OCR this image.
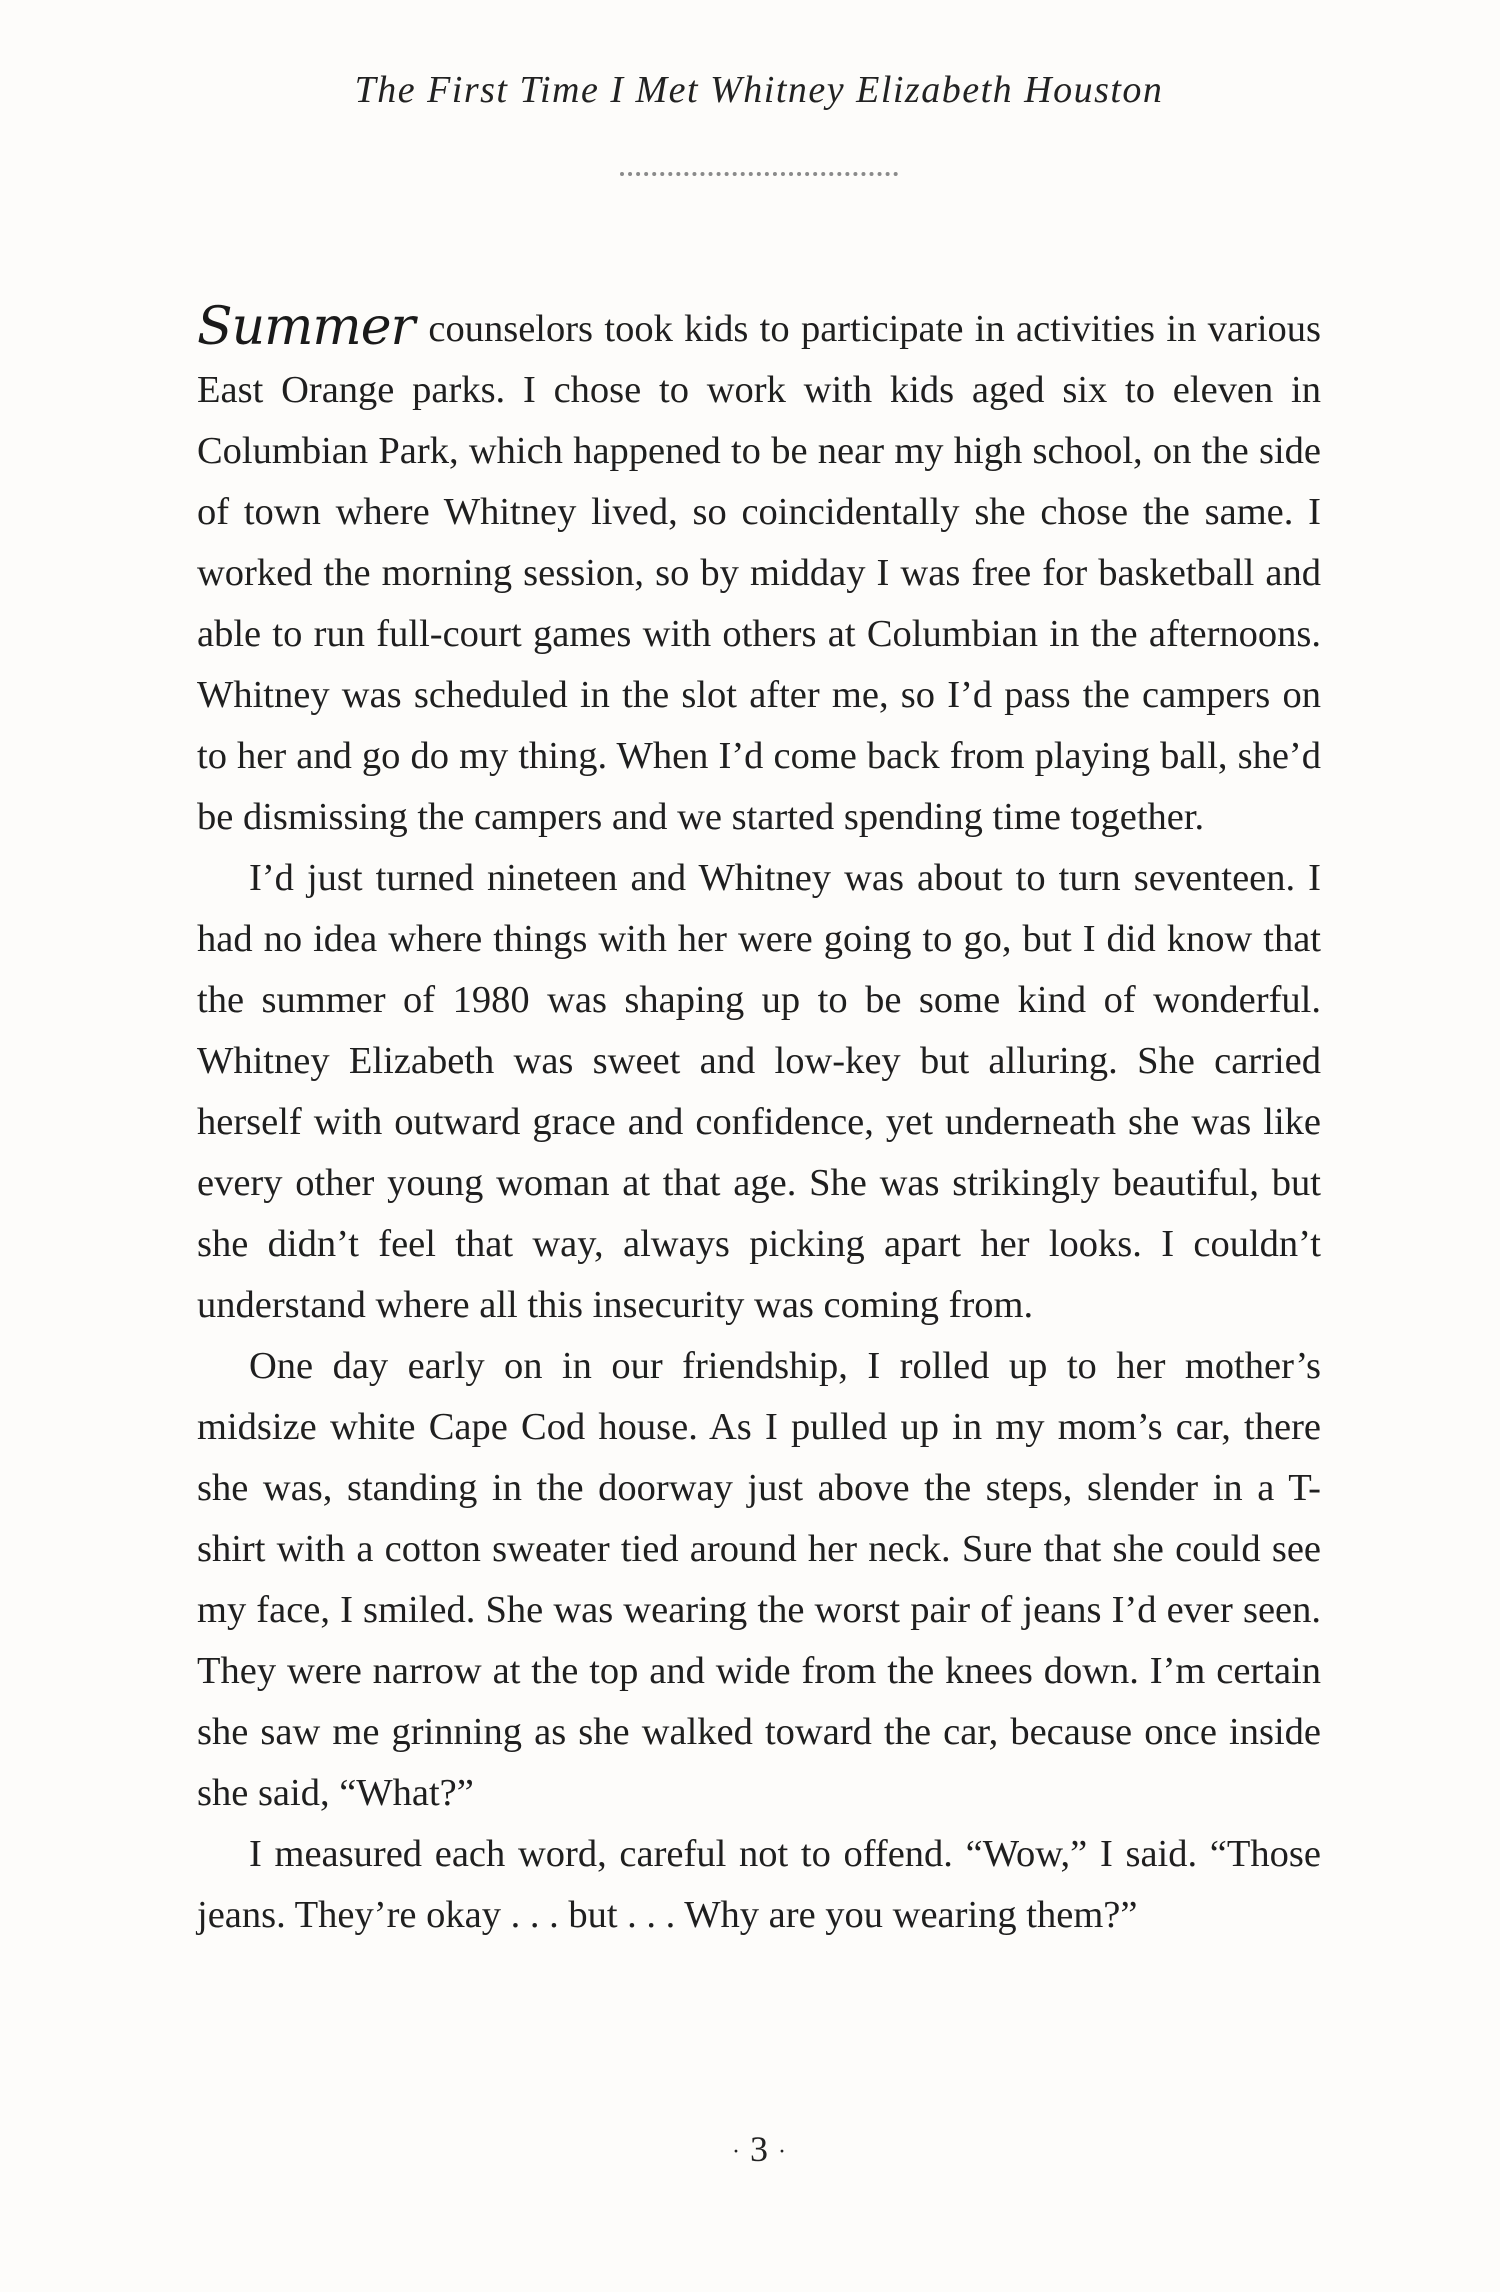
The First Time I Met Whitney Elizabeth Houston

Summer counselors took kids to participate in activities in various East Orange parks. I chose to work with kids aged six to eleven in Columbian Park, which happened to be near my high school, on the side of town where Whitney lived, so coincidentally she chose the same. I worked the morning session, so by midday I was free for basketball and able to run full-court games with others at Columbian in the afternoons. Whitney was scheduled in the slot after me, so I’d pass the campers on to her and go do my thing. When I’d come back from playing ball, she’d be dismissing the campers and we started spending time together.

I’d just turned nineteen and Whitney was about to turn seventeen. I had no idea where things with her were going to go, but I did know that the summer of 1980 was shaping up to be some kind of wonderful. Whitney Elizabeth was sweet and low-key but alluring. She carried herself with outward grace and confidence, yet underneath she was like every other young woman at that age. She was strikingly beautiful, but she didn’t feel that way, always picking apart her looks. I couldn’t understand where all this insecurity was coming from.

One day early on in our friendship, I rolled up to her mother’s midsize white Cape Cod house. As I pulled up in my mom’s car, there she was, standing in the doorway just above the steps, slender in a T-shirt with a cotton sweater tied around her neck. Sure that she could see my face, I smiled. She was wearing the worst pair of jeans I’d ever seen. They were narrow at the top and wide from the knees down. I’m certain she saw me grinning as she walked toward the car, because once inside she said, “What?”

I measured each word, careful not to offend. “Wow,” I said. “Those jeans. They’re okay . . . but . . . Why are you wearing them?”

· 3 ·
